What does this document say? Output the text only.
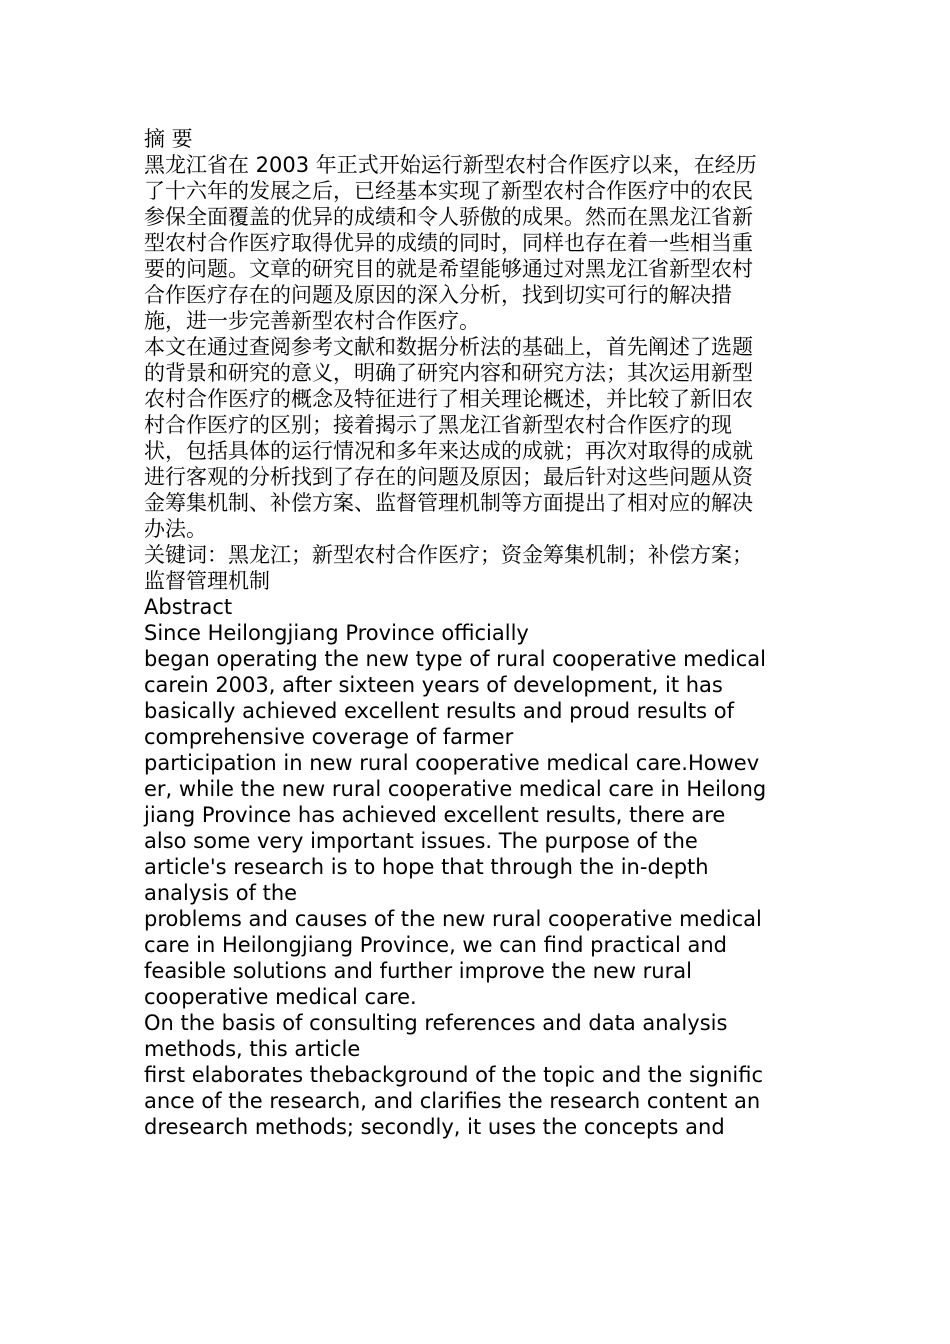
摘 要

黑龙江省在 2003 年正式开始运行新型农村合作医疗以来，在经历
了十六年的发展之后，已经基本实现了新型农村合作医疗中的农民
参保全面覆盖的优异的成绩和令人骄傲的成果。然而在黑龙江省新
型农村合作医疗取得优异的成绩的同时，同样也存在着一些相当重
要的问题。文章的研究目的就是希望能够通过对黑龙江省新型农村
合作医疗存在的问题及原因的深入分析，找到切实可行的解决措
施，进一步完善新型农村合作医疗。

本文在通过查阅参考文献和数据分析法的基础上，首先阐述了选题
的背景和研究的意义，明确了研究内容和研究方法；其次运用新型
农村合作医疗的概念及特征进行了相关理论概述，并比较了新旧农
村合作医疗的区别；接着揭示了黑龙江省新型农村合作医疗的现
状，包括具体的运行情况和多年来达成的成就；再次对取得的成就
进行客观的分析找到了存在的问题及原因；最后针对这些问题从资
金筹集机制、补偿方案、监督管理机制等方面提出了相对应的解决
办法。

关键词：黑龙江；新型农村合作医疗；资金筹集机制；补偿方案；
监督管理机制

Abstract

Since Heilongjiang Province officially
began operating the new type of rural cooperative medical
carein 2003, after sixteen years of development, it has
basically achieved excellent results and proud results of
comprehensive coverage of farmer
participation in new rural cooperative medical care.Howev
er, while the new rural cooperative medical care in Heilong
jiang Province has achieved excellent results, there are
also some very important issues. The purpose of the
article's research is to hope that through the in-depth
analysis of the
problems and causes of the new rural cooperative medical
care in Heilongjiang Province, we can find practical and
feasible solutions and further improve the new rural
cooperative medical care.

On the basis of consulting references and data analysis
methods, this article
first elaborates thebackground of the topic and the signific
ance of the research, and clarifies the research content an
dresearch methods; secondly, it uses the concepts and
